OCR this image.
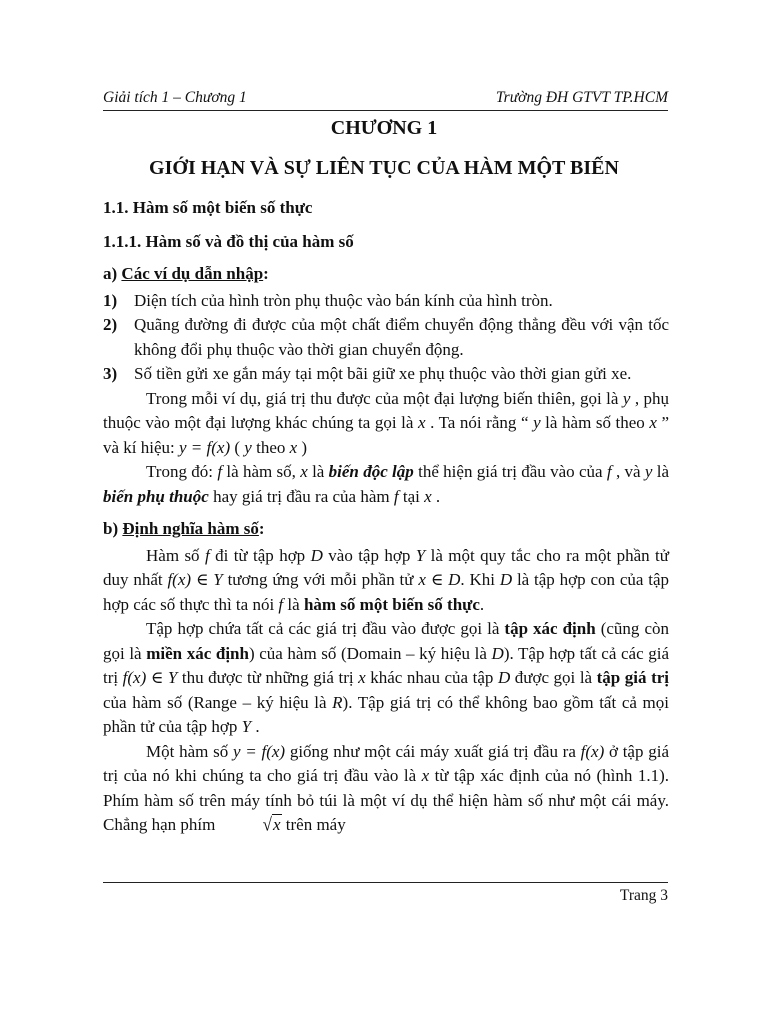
Giải tích 1 – Chương 1	Trường ĐH GTVT TP.HCM
CHƯƠNG 1
GIỚI HẠN VÀ SỰ LIÊN TỤC CỦA HÀM MỘT BIẾN
1.1. Hàm số một biến số thực
1.1.1. Hàm số và đồ thị của hàm số
a) Các ví dụ dẫn nhập:
1) Diện tích của hình tròn phụ thuộc vào bán kính của hình tròn.
2) Quãng đường đi được của một chất điểm chuyển động thẳng đều với vận tốc không đổi phụ thuộc vào thời gian chuyển động.
3) Số tiền gửi xe gắn máy tại một bãi giữ xe phụ thuộc vào thời gian gửi xe.

Trong mỗi ví dụ, giá trị thu được của một đại lượng biến thiên, gọi là y , phụ thuộc vào một đại lượng khác chúng ta gọi là x . Ta nói rằng “ y là hàm số theo x ” và kí hiệu: y = f(x) ( y theo x )

Trong đó: f là hàm số, x là biến độc lập thể hiện giá trị đầu vào của f , và y là biến phụ thuộc hay giá trị đầu ra của hàm f tại x .

b) Định nghĩa hàm số:

Hàm số f đi từ tập hợp D vào tập hợp Y là một quy tắc cho ra một phần tử duy nhất f(x) ∈ Y tương ứng với mỗi phần tử x ∈ D. Khi D là tập hợp con của tập hợp các số thực thì ta nói f là hàm số một biến số thực.

Tập hợp chứa tất cả các giá trị đầu vào được gọi là tập xác định (cũng còn gọi là miền xác định) của hàm số (Domain – ký hiệu là D). Tập hợp tất cả các giá trị f(x) ∈ Y thu được từ những giá trị x khác nhau của tập D được gọi là tập giá trị của hàm số (Range – ký hiệu là R). Tập giá trị có thể không bao gồm tất cả mọi phần tử của tập hợp Y .

Một hàm số y = f(x) giống như một cái máy xuất giá trị đầu ra f(x) ở tập giá trị của nó khi chúng ta cho giá trị đầu vào là x từ tập xác định của nó (hình 1.1). Phím hàm số trên máy tính bỏ túi là một ví dụ thể hiện hàm số như một cái máy. Chẳng hạn phím	√x trên máy

Trang 3
